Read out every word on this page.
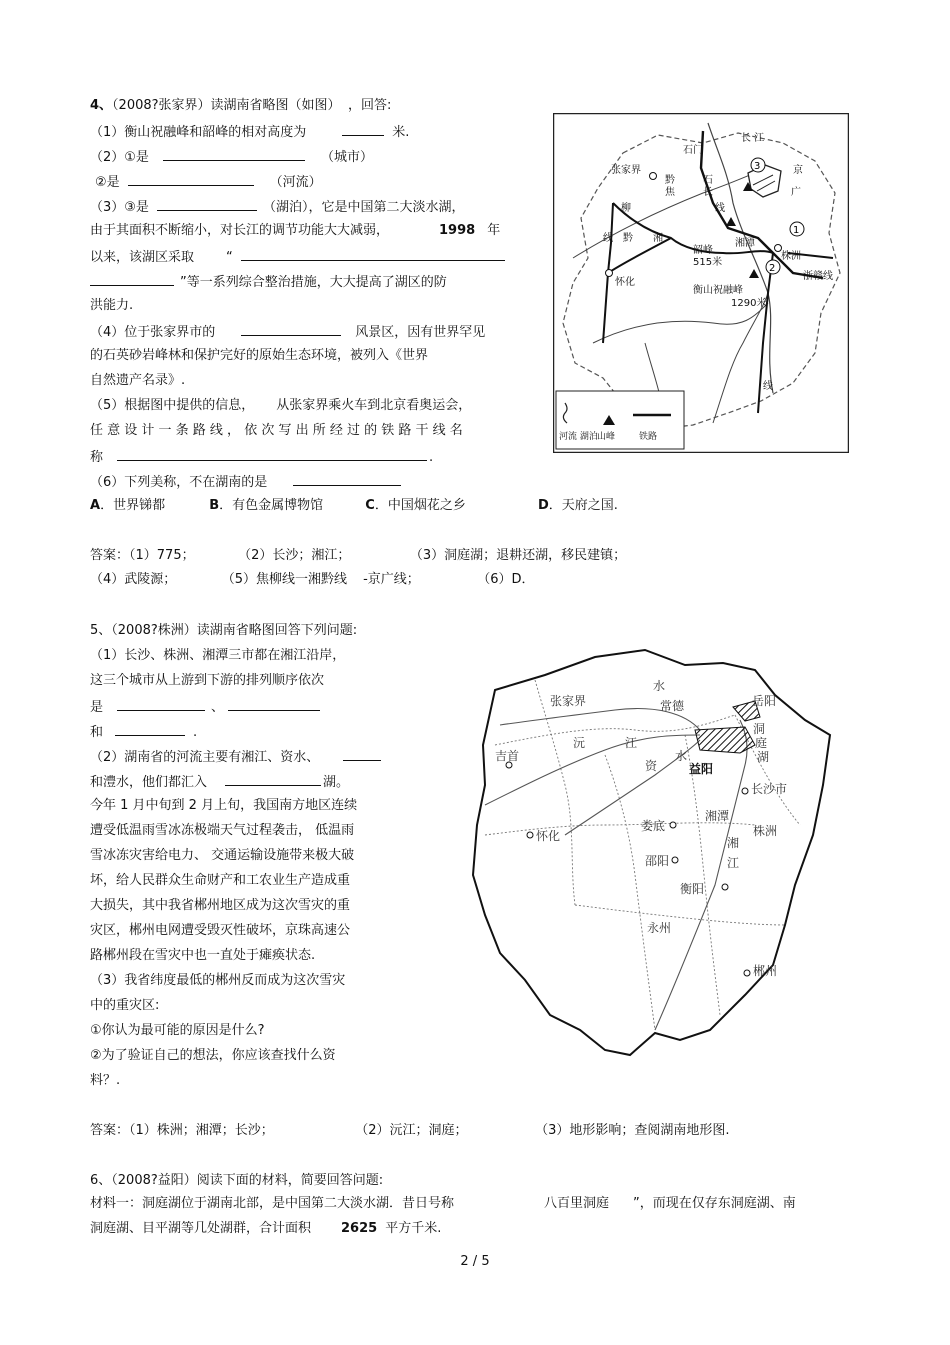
4、（2008?张家界）读湖南省略图（如图） ，回答:
（1）衡山祝融峰和韶峰的相对高度为	米.
（2）①是	（城市）
②是	（河流）
（3）③是	（湖泊），它是中国第二大淡水湖，
由于其面积不断缩小，对长江的调节功能大大减弱，	1998 年
以来，该湖区采取 “
”等一系列综合整治措施，大大提高了湖区的防
洪能力.
（4）位于张家界市的	风景区，因有世界罕见
的石英砂岩峰林和保护完好的原始生态环境，被列入《世界
自然遗产名录》.
（5）根据图中提供的信息， 从张家界乘火车到北京看奥运会，
任 意 设 计 一 条 路 线 ， 依 次 写 出 所 经 过 的 铁 路 干 线 名
称	.
（6）下列美称，不在湖南的是
A．世界锑都	B．有色金属博物馆	C．中国烟花之乡	D．天府之国.
答案：（1）775；	（2）长沙；湘江；	（3）洞庭湖；退耕还湖，移民建镇；
（4）武陵源；	（5）焦柳线一湘黔线 -京广线；	（6）D．
1
2
3
长 江
石门
张家界
黔
焦
石
长
线
柳
湘
黔
线
韶峰
515米
株洲
湘潭
怀化
衡山祝融峰
1290米
浙赣线
京
广
线
河流 湖泊 山峰	铁路
5、（2008?株洲）读湖南省略图回答下列问题:
（1）长沙、株洲、湘潭三市都在湘江沿岸，
这三个城市从上游到下游的排列顺序依次
是	、
和	.
（2）湖南省的河流主要有湘江、资水、
和澧水，他们都汇入	湖。
今年 1 月中旬到 2 月上旬，我国南方地区连续
遭受低温雨雪冰冻极端天气过程袭击， 低温雨
雪冰冻灾害给电力、 交通运输设施带来极大破
坏，给人民群众生命财产和工农业生产造成重
大损失，其中我省郴州地区成为这次雪灾的重
灾区，郴州电网遭受毁灭性破坏，京珠高速公
路郴州段在雪灾中也一直处于瘫痪状态.
（3）我省纬度最低的郴州反而成为这次雪灾
中的重灾区:
①你认为最可能的原因是什么?
②为了验证自己的想法，你应该查找什么资
料？.
答案：（1）株洲；湘潭；长沙；	（2）沅江；洞庭；	（3）地形影响；查阅湖南地形图.
张家界	常德	岳阳
洞
庭
湖
水
沅	江
资
水
吉首
益阳
长沙市
湘潭
株洲
怀化
娄底
邵阳
湘
江
衡阳
永州
郴州
6、（2008?益阳）阅读下面的材料，简要回答问题:
材料一：洞庭湖位于湖南北部，是中国第二大淡水湖．昔日号称	八百里洞庭 ”，而现在仅存东洞庭湖、南
洞庭湖、目平湖等几处湖群，合计面积 2625 平方千米.
2 / 5
